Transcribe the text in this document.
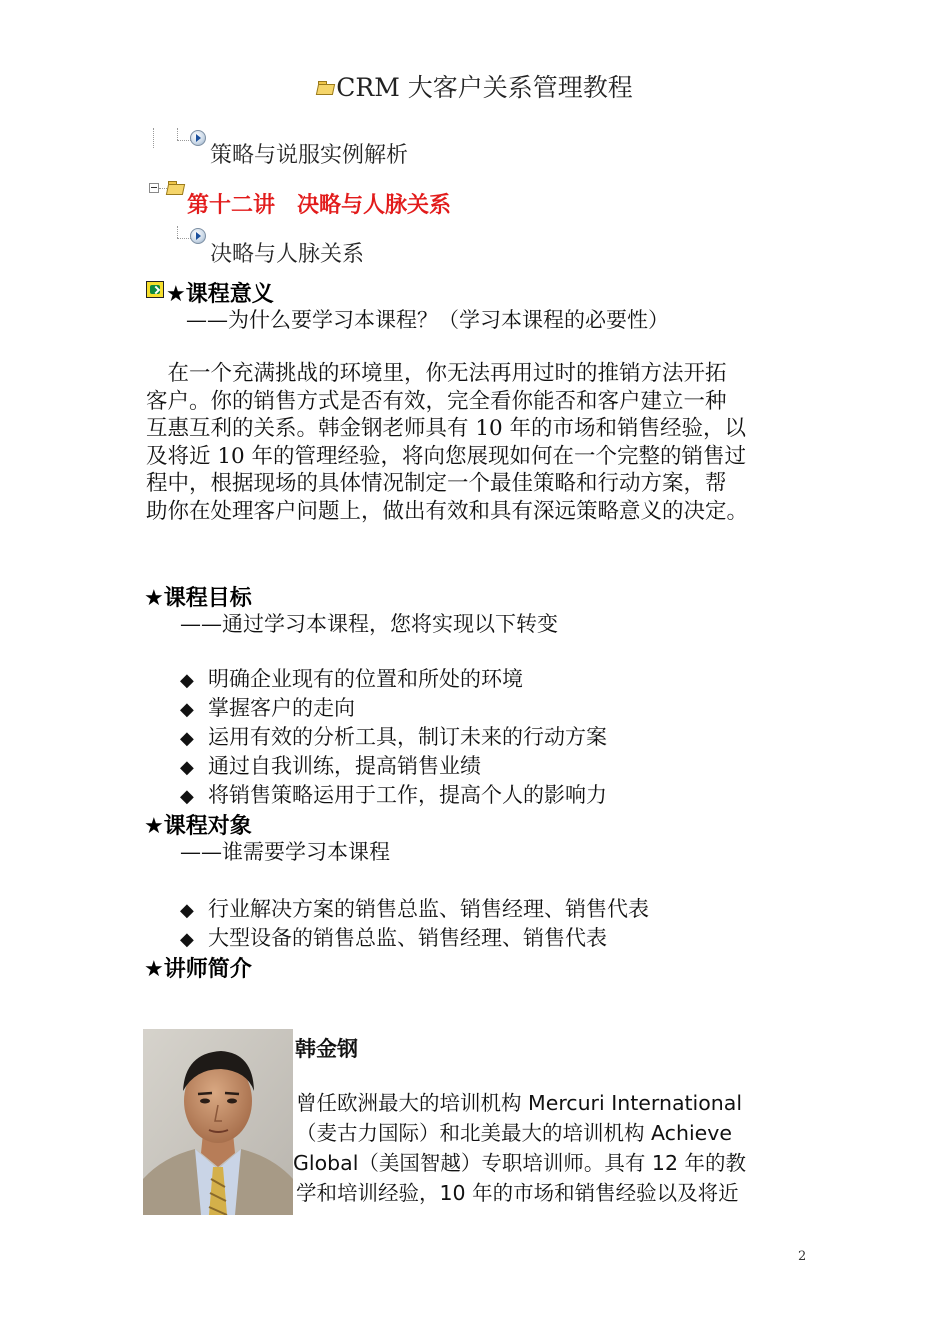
CRM 大客户关系管理教程
策略与说服实例解析
第十二讲　决略与人脉关系
决略与人脉关系
★课程意义
——为什么要学习本课程？（学习本课程的必要性）
　在一个充满挑战的环境里，你无法再用过时的推销方法开拓
客户。你的销售方式是否有效，完全看你能否和客户建立一种
互惠互利的关系。韩金钢老师具有 10 年的市场和销售经验，以
及将近 10 年的管理经验，将向您展现如何在一个完整的销售过
程中，根据现场的具体情况制定一个最佳策略和行动方案，帮
助你在处理客户问题上，做出有效和具有深远策略意义的决定。
★课程目标
——通过学习本课程，您将实现以下转变
◆ 明确企业现有的位置和所处的环境
◆ 掌握客户的走向
◆ 运用有效的分析工具，制订未来的行动方案
◆ 通过自我训练，提高销售业绩
◆ 将销售策略运用于工作，提高个人的影响力
★课程对象
——谁需要学习本课程
◆ 行业解决方案的销售总监、销售经理、销售代表
◆ 大型设备的销售总监、销售经理、销售代表
★讲师简介
韩金钢
曾任欧洲最大的培训机构 Mercuri International
（麦古力国际）和北美最大的培训机构 Achieve
Global（美国智越）专职培训师。具有 12 年的教
学和培训经验，10 年的市场和销售经验以及将近
2
